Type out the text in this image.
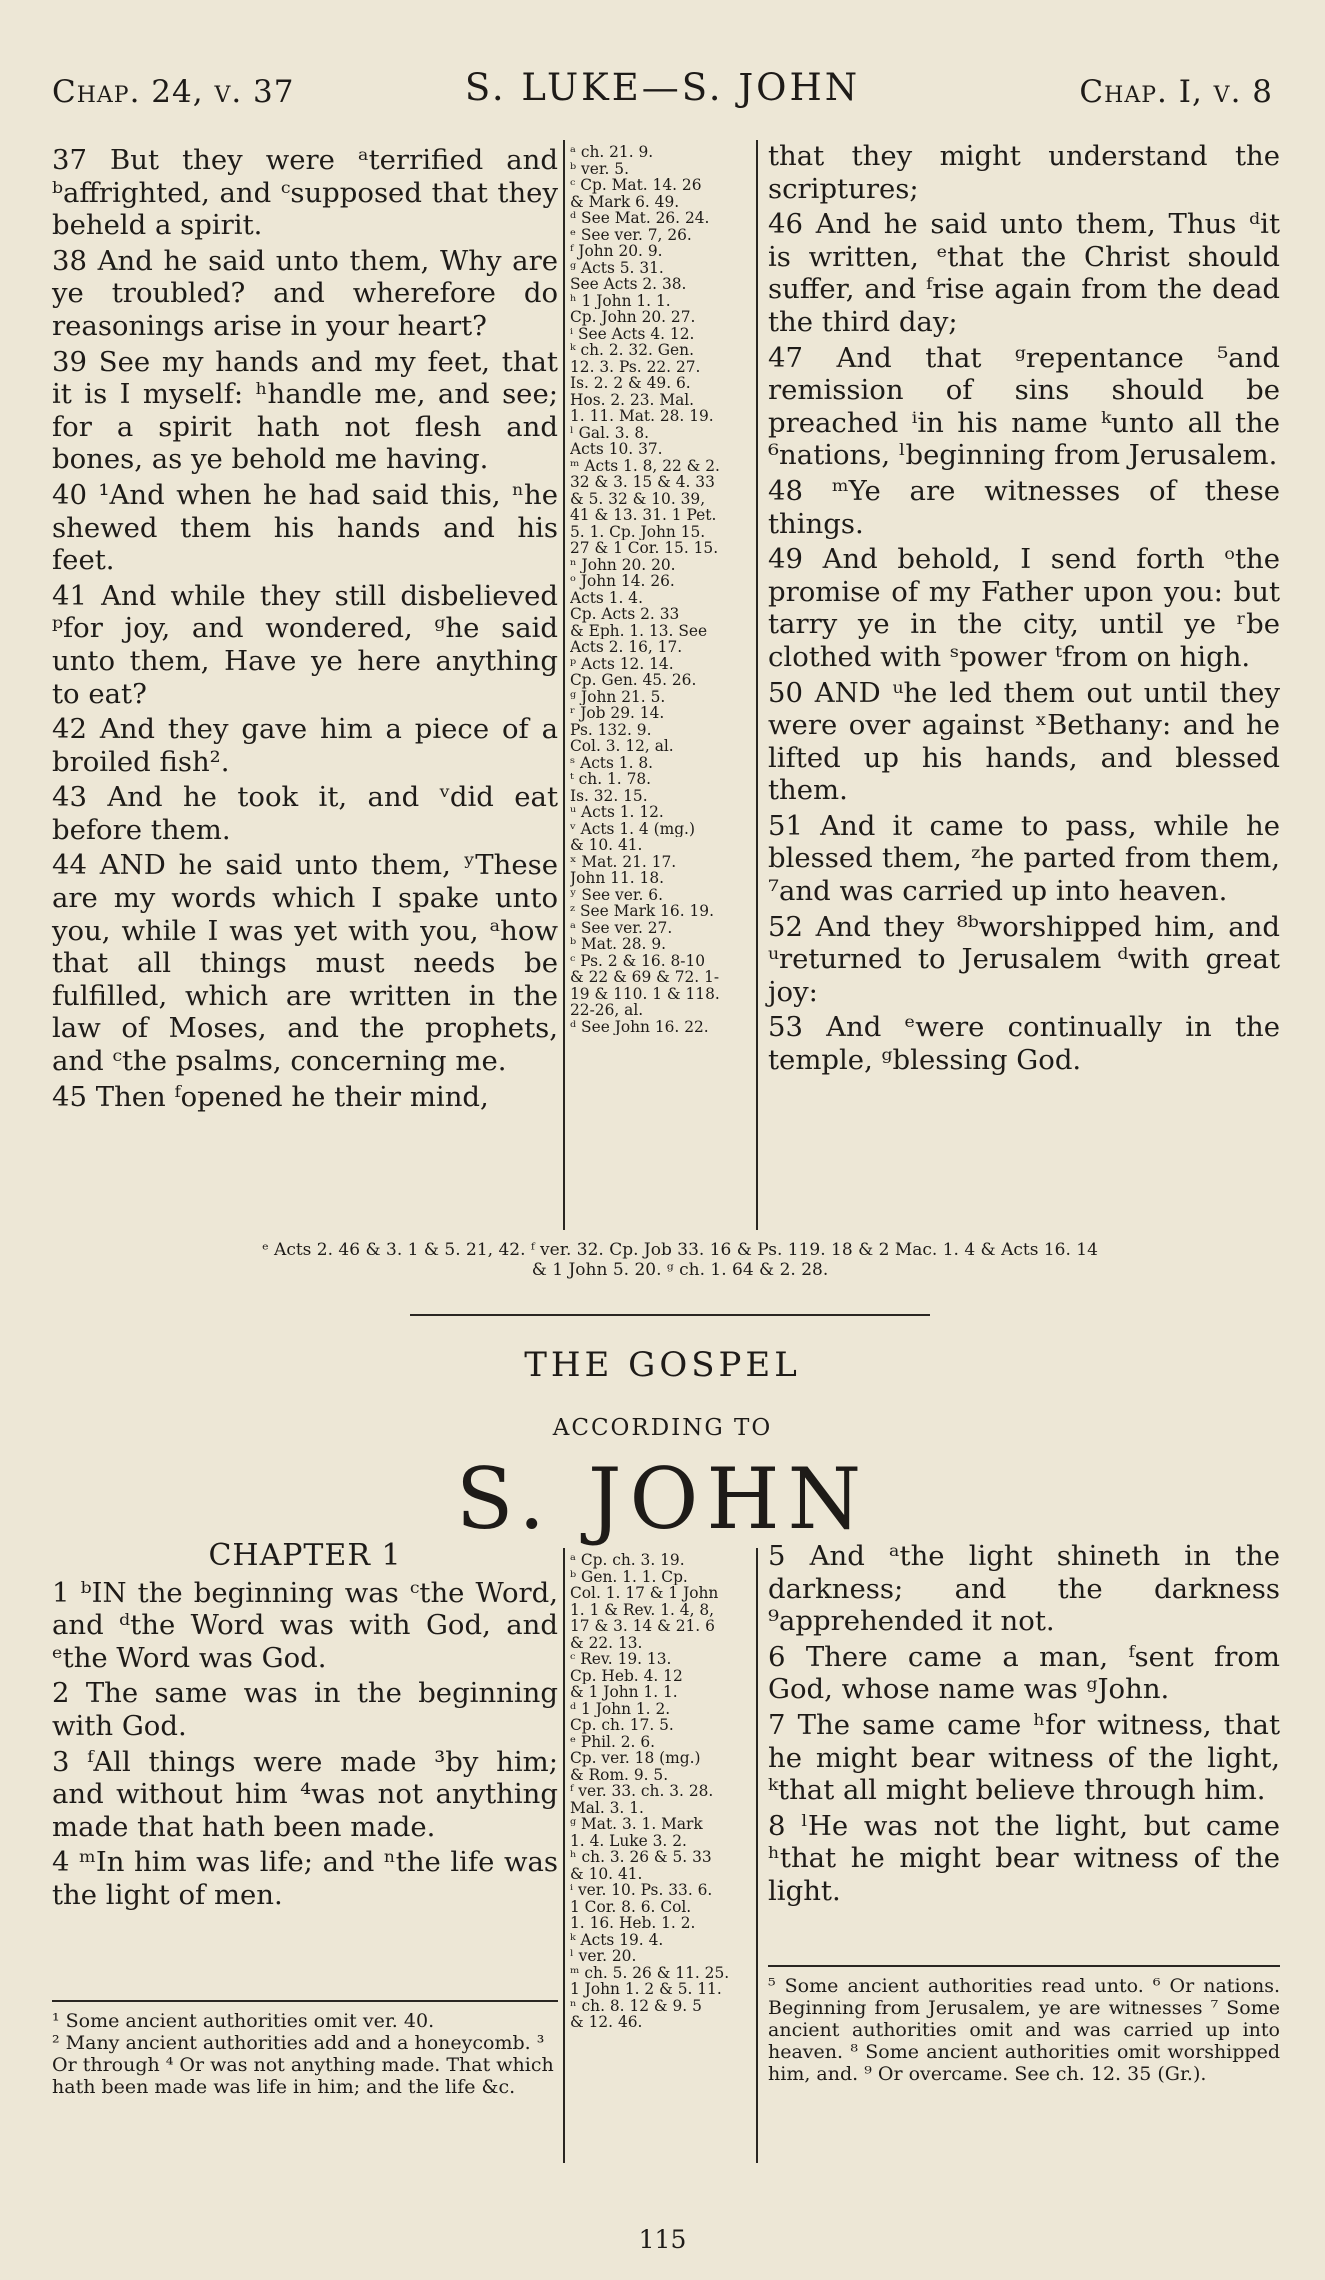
Chap. 24, v. 37	S. LUKE—S. JOHN	Chap. I, v. 8

37 But they were ᵃterrified and ᵇaffrighted, and ᶜsupposed that they beheld a spirit.

38 And he said unto them, Why are ye troubled? and wherefore do reasonings arise in your heart?

39 See my hands and my feet, that it is I myself: ʰhandle me, and see; for a spirit hath not flesh and bones, as ye behold me having.

40 ¹And when he had said this, ⁿhe shewed them his hands and his feet.

41 And while they still disbelieved ᵖfor joy, and wondered, ᵍhe said unto them, Have ye here anything to eat?

42 And they gave him a piece of a broiled fish².

43 And he took it, and ᵛdid eat before them.

44 AND he said unto them, ʸThese are my words which I spake unto you, while I was yet with you, ᵃhow that all things must needs be fulfilled, which are written in the law of Moses, and the prophets, and ᶜthe psalms, concerning me.

45 Then ᶠopened he their mind,

ᵃ ch. 21. 9.
ᵇ ver. 5.
ᶜ Cp. Mat. 14. 26
& Mark 6. 49.
ᵈ See Mat. 26. 24.
ᵉ See ver. 7, 26.
ᶠ John 20. 9.
ᵍ Acts 5. 31.
See Acts 2. 38.
ʰ 1 John 1. 1.
Cp. John 20. 27.
ⁱ See Acts 4. 12.
ᵏ ch. 2. 32. Gen.
12. 3. Ps. 22. 27.
Is. 2. 2 & 49. 6.
Hos. 2. 23. Mal.
1. 11. Mat. 28. 19.
ˡ Gal. 3. 8.
Acts 10. 37.
ᵐ Acts 1. 8, 22 & 2.
32 & 3. 15 & 4. 33
& 5. 32 & 10. 39,
41 & 13. 31. 1 Pet.
5. 1. Cp. John 15.
27 & 1 Cor. 15. 15.
ⁿ John 20. 20.
ᵒ John 14. 26.
Acts 1. 4.
Cp. Acts 2. 33
& Eph. 1. 13. See
Acts 2. 16, 17.
ᵖ Acts 12. 14.
Cp. Gen. 45. 26.
ᵍ John 21. 5.
ʳ Job 29. 14.
Ps. 132. 9.
Col. 3. 12, al.
ˢ Acts 1. 8.
ᵗ ch. 1. 78.
Is. 32. 15.
ᵘ Acts 1. 12.
ᵛ Acts 1. 4 (mg.)
& 10. 41.
ˣ Mat. 21. 17.
John 11. 18.
ʸ See ver. 6.
ᶻ See Mark 16. 19.
ᵃ See ver. 27.
ᵇ Mat. 28. 9.
ᶜ Ps. 2 & 16. 8-10
& 22 & 69 & 72. 1-
19 & 110. 1 & 118.
22-26, al.
ᵈ See John 16. 22.

that they might understand the scriptures;

46 And he said unto them, Thus ᵈit is written, ᵉthat the Christ should suffer, and ᶠrise again from the dead the third day;

47 And that ᵍrepentance ⁵and remission of sins should be preached ⁱin his name ᵏunto all the ⁶nations, ˡbeginning from Jerusalem.

48 ᵐYe are witnesses of these things.

49 And behold, I send forth ᵒthe promise of my Father upon you: but tarry ye in the city, until ye ʳbe clothed with ˢpower ᵗfrom on high.

50 AND ᵘhe led them out until they were over against ˣBethany: and he lifted up his hands, and blessed them.

51 And it came to pass, while he blessed them, ᶻhe parted from them, ⁷and was carried up into heaven.

52 And they ⁸ᵇworshipped him, and ᵘreturned to Jerusalem ᵈwith great joy:

53 And ᵉwere continually in the temple, ᵍblessing God.

ᵉ Acts 2. 46 & 3. 1 & 5. 21, 42. ᶠ ver. 32. Cp. Job 33. 16 & Ps. 119. 18 & 2 Mac. 1. 4 & Acts 16. 14
& 1 John 5. 20. ᵍ ch. 1. 64 & 2. 28.
THE GOSPEL
ACCORDING TO
S. JOHN
CHAPTER 1

1 ᵇIN the beginning was ᶜthe Word, and ᵈthe Word was with God, and ᵉthe Word was God.

2 The same was in the beginning with God.

3 ᶠAll things were made ³by him; and without him ⁴was not anything made that hath been made.

4 ᵐIn him was life; and ⁿthe life was the light of men.

¹ Some ancient authorities omit ver. 40.

² Many ancient authorities add and a honeycomb. ³ Or through ⁴ Or was not anything made. That which hath been made was life in him; and the life &c.

ᵃ Cp. ch. 3. 19.
ᵇ Gen. 1. 1. Cp.
Col. 1. 17 & 1 John
1. 1 & Rev. 1. 4, 8,
17 & 3. 14 & 21. 6
& 22. 13.
ᶜ Rev. 19. 13.
Cp. Heb. 4. 12
& 1 John 1. 1.
ᵈ 1 John 1. 2.
Cp. ch. 17. 5.
ᵉ Phil. 2. 6.
Cp. ver. 18 (mg.)
& Rom. 9. 5.
ᶠ ver. 33. ch. 3. 28.
Mal. 3. 1.
ᵍ Mat. 3. 1. Mark
1. 4. Luke 3. 2.
ʰ ch. 3. 26 & 5. 33
& 10. 41.
ⁱ ver. 10. Ps. 33. 6.
1 Cor. 8. 6. Col.
1. 16. Heb. 1. 2.
ᵏ Acts 19. 4.
ˡ ver. 20.
ᵐ ch. 5. 26 & 11. 25.
1 John 1. 2 & 5. 11.
ⁿ ch. 8. 12 & 9. 5
& 12. 46.

5 And ᵃthe light shineth in the darkness; and the darkness ⁹apprehended it not.

6 There came a man, ᶠsent from God, whose name was ᵍJohn.

7 The same came ʰfor witness, that he might bear witness of the light, ᵏthat all might believe through him.

8 ˡHe was not the light, but came ʰthat he might bear witness of the light.

⁵ Some ancient authorities read unto. ⁶ Or nations. Beginning from Jerusalem, ye are witnesses ⁷ Some ancient authorities omit and was carried up into heaven. ⁸ Some ancient authorities omit worshipped him, and. ⁹ Or overcame. See ch. 12. 35 (Gr.).

115
